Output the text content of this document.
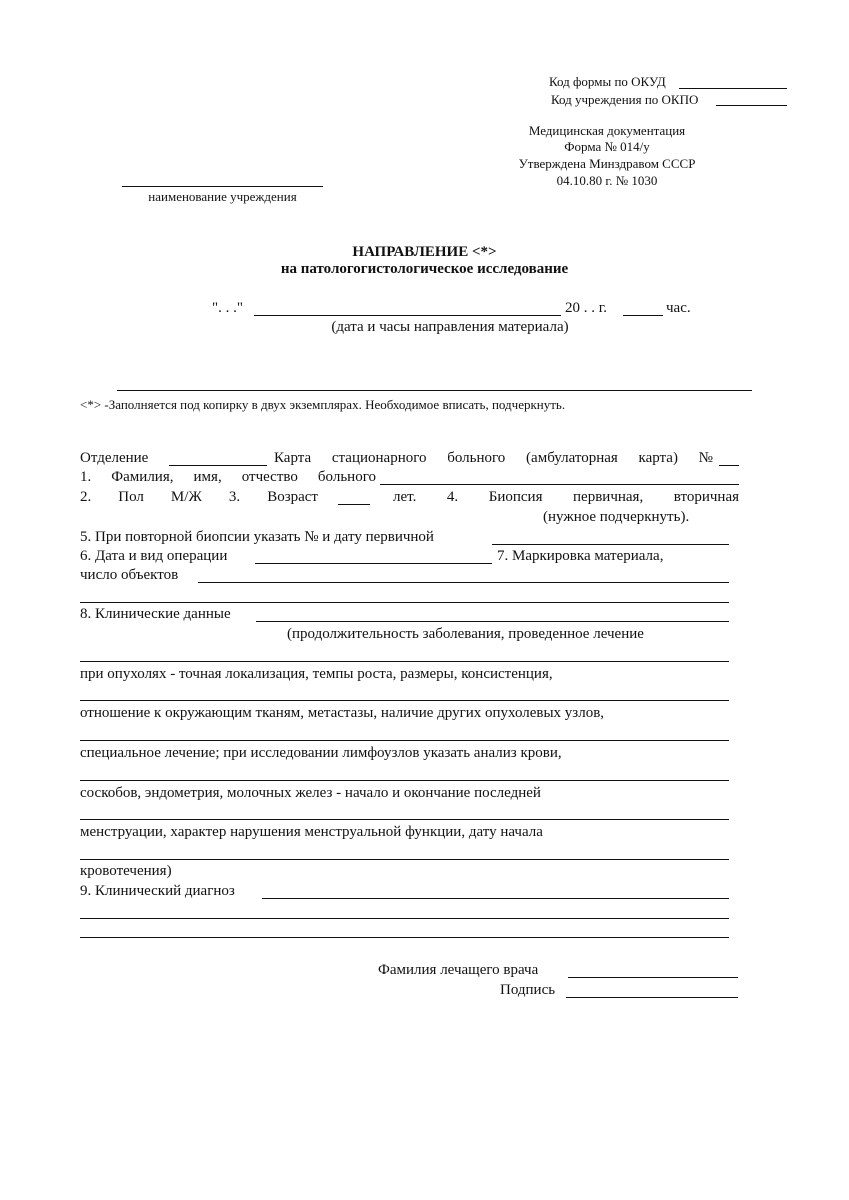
Код формы по ОКУД
Код учреждения по ОКПО
Медицинская документация
Форма № 014/у
Утверждена Минздравом СССР
04.10.80 г. № 1030
наименование учреждения
НАПРАВЛЕНИЕ <*>
на патологогистологическое исследование
". . ."	20 . . г.	час.
(дата и часы направления материала)
<*> -Заполняется под копирку в двух экземплярах. Необходимое вписать, подчеркнуть.
Отделение	Карта стационарного больного (амбулаторная карта) №
1. Фамилия, имя, отчество больного
2. Пол М/Ж 3. Возраст	лет. 4. Биопсия первичная, вторичная
(нужное подчеркнуть).
5. При повторной биопсии указать № и дату первичной
6. Дата и вид операции	7. Маркировка материала,
число объектов
8. Клинические данные
(продолжительность заболевания, проведенное лечение
при опухолях - точная локализация, темпы роста, размеры, консистенция,
отношение к окружающим тканям, метастазы, наличие других опухолевых узлов,
специальное лечение; при исследовании лимфоузлов указать анализ крови,
соскобов, эндометрия, молочных желез - начало и окончание последней
менструации, характер нарушения менструальной функции, дату начала
кровотечения)
9. Клинический диагноз
Фамилия лечащего врача
Подпись
